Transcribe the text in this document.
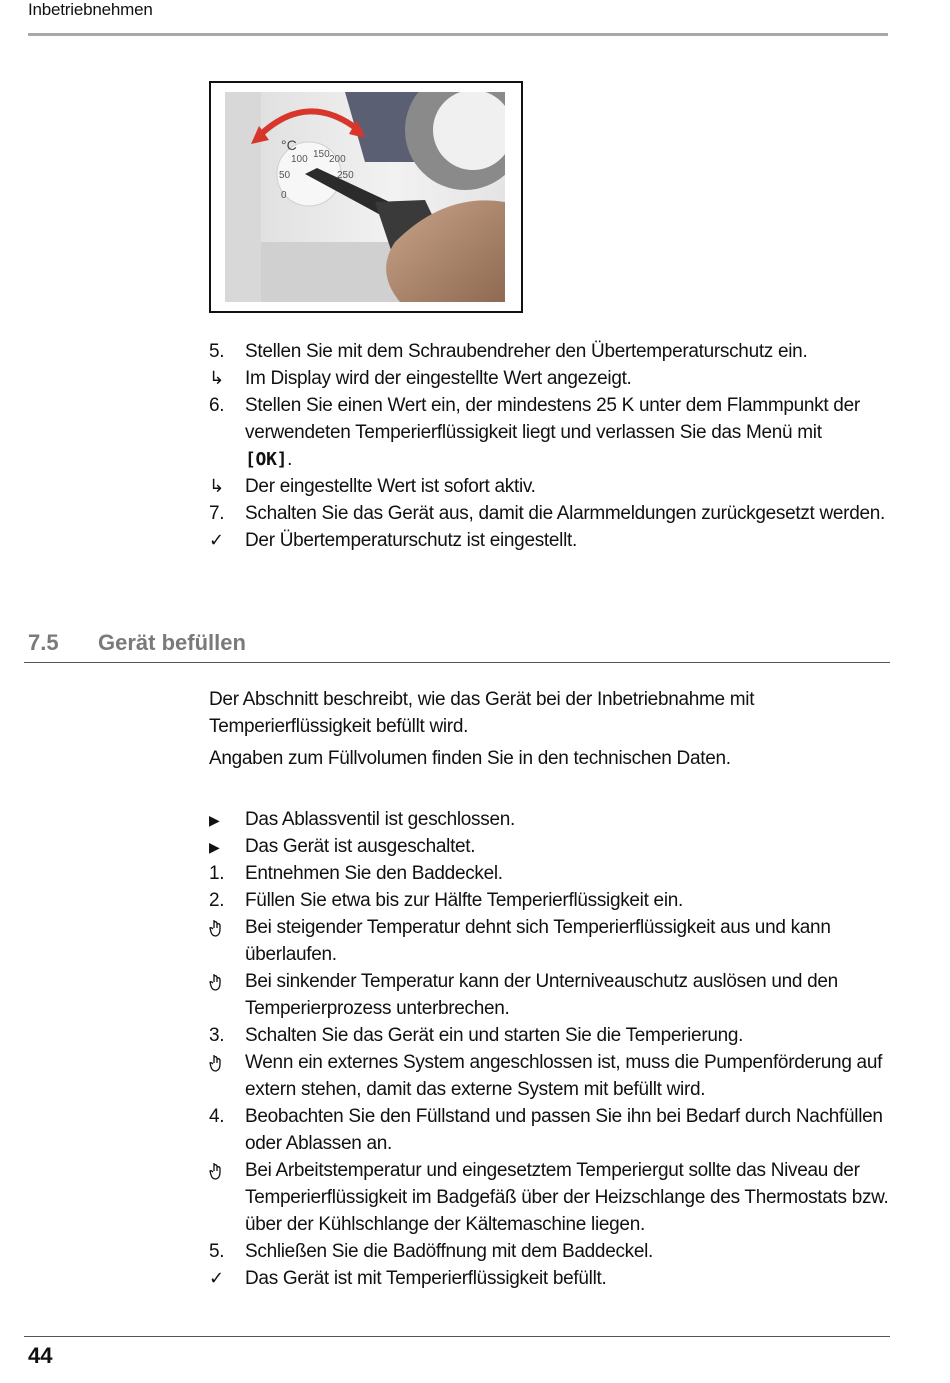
Inbetriebnehmen
°C
100 150 200
50	250
0
5.	Stellen Sie mit dem Schraubendreher den Übertemperaturschutz ein.
↳	Im Display wird der eingestellte Wert angezeigt.
6.	Stellen Sie einen Wert ein, der mindestens 25 K unter dem Flammpunkt der verwendeten Temperierflüssigkeit liegt und verlassen Sie das Menü mit
[OK].
↳	Der eingestellte Wert ist sofort aktiv.
7.	Schalten Sie das Gerät aus, damit die Alarmmeldungen zurückgesetzt werden.
✓	Der Übertemperaturschutz ist eingestellt.
7.5 Gerät befüllen

Der Abschnitt beschreibt, wie das Gerät bei der Inbetriebnahme mit Temperierflüssigkeit befüllt wird.

Angaben zum Füllvolumen finden Sie in den technischen Daten.

▶	Das Ablassventil ist geschlossen.
▶	Das Gerät ist ausgeschaltet.
1.	Entnehmen Sie den Baddeckel.
2.	Füllen Sie etwa bis zur Hälfte Temperierflüssigkeit ein.
Bei steigender Temperatur dehnt sich Temperierflüssigkeit aus und kann überlaufen.
Bei sinkender Temperatur kann der Unterniveauschutz auslösen und den Temperierprozess unterbrechen.
3.	Schalten Sie das Gerät ein und starten Sie die Temperierung.
Wenn ein externes System angeschlossen ist, muss die Pumpenförderung auf extern stehen, damit das externe System mit befüllt wird.
4.	Beobachten Sie den Füllstand und passen Sie ihn bei Bedarf durch Nachfüllen oder Ablassen an.
Bei Arbeitstemperatur und eingesetztem Temperiergut sollte das Niveau der Temperierflüssigkeit im Badgefäß über der Heizschlange des Thermostats bzw. über der Kühlschlange der Kältemaschine liegen.
5.	Schließen Sie die Badöffnung mit dem Baddeckel.
✓	Das Gerät ist mit Temperierflüssigkeit befüllt.
44
